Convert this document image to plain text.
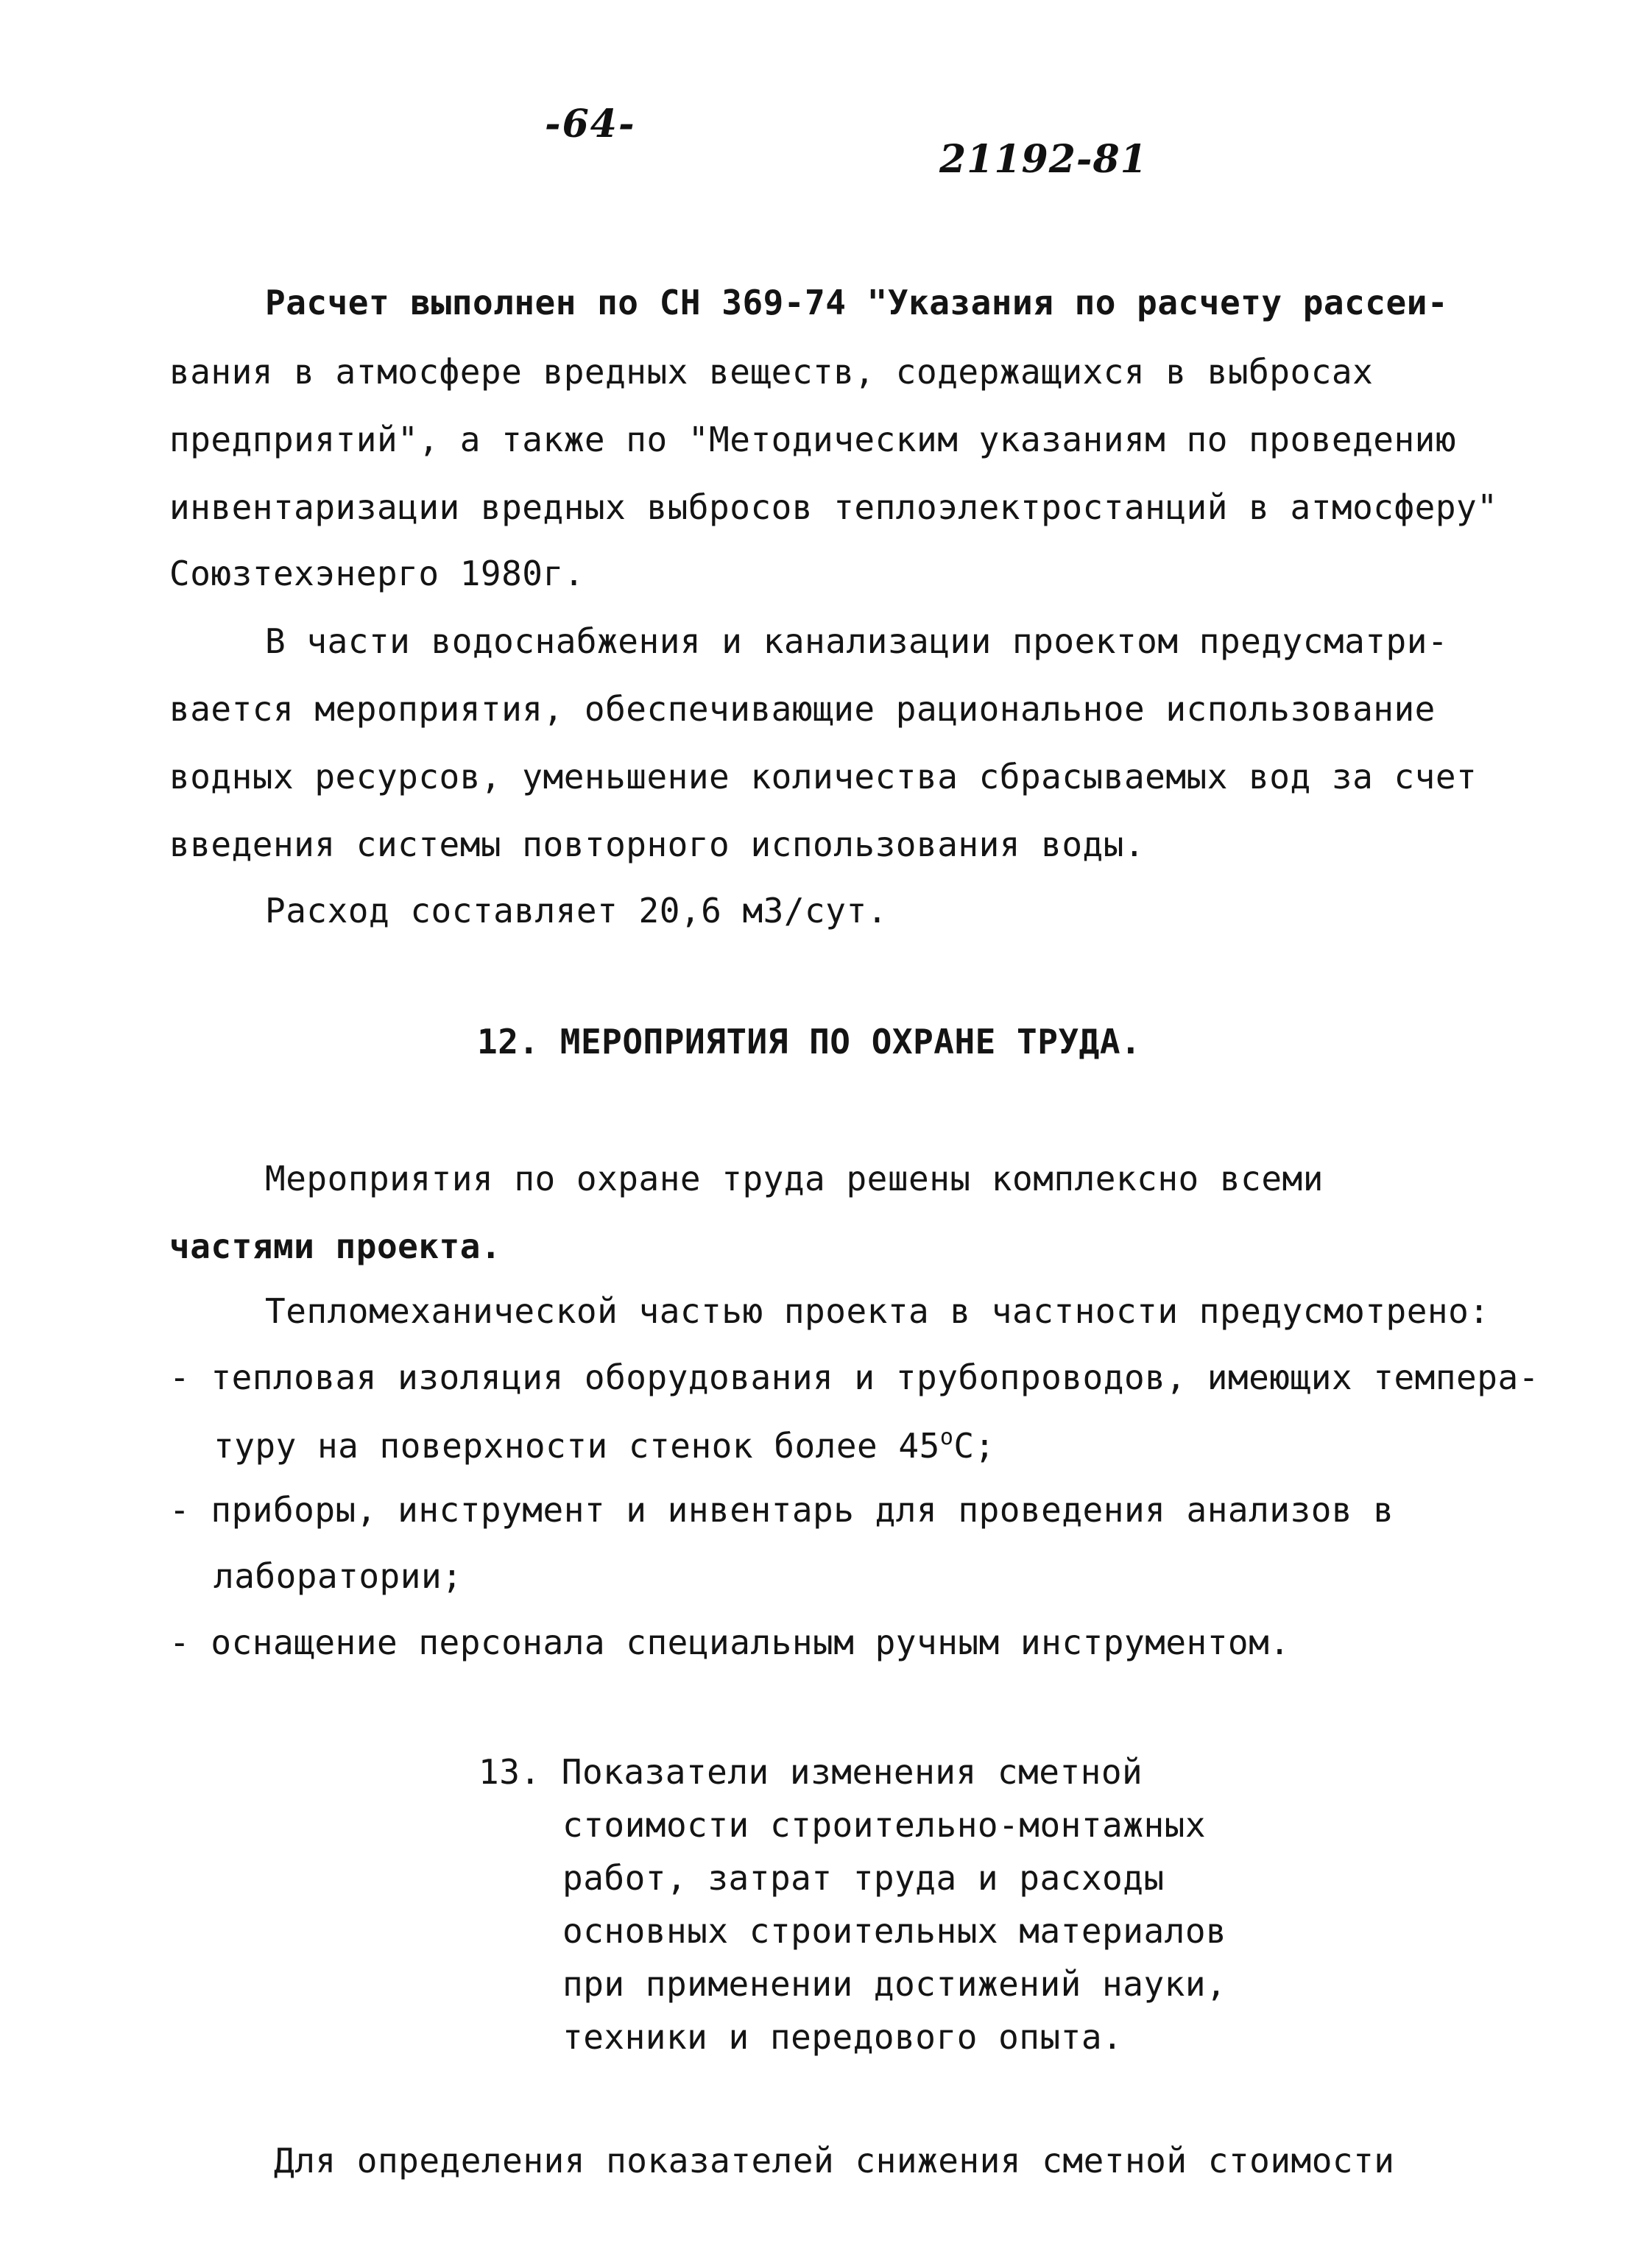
-64-
21192-81
Расчет выполнен по СН 369-74 "Указания по расчету рассеи-
вания в атмосфере вредных веществ, содержащихся в выбросах
предприятий", а также по "Методическим указаниям по проведению
инвентаризации вредных выбросов теплоэлектростанций в атмосферу"
Союзтехэнерго 1980г.
В части водоснабжения и канализации проектом предусматри-
вается мероприятия, обеспечивающие рациональное использование
водных ресурсов, уменьшение количества сбрасываемых вод за счет
введения системы повторного использования воды.
Расход составляет 20,6 м3/сут.
12. МЕРОПРИЯТИЯ ПО ОХРАНЕ ТРУДА.
Мероприятия по охране труда решены комплексно всеми
частями проекта.
Тепломеханической частью проекта в частности предусмотрено:
- тепловая изоляция оборудования и трубопроводов, имеющих темпера-
туру на поверхности стенок более $45^оС$;
- приборы, инструмент и инвентарь для проведения анализов в
лаборатории;
- оснащение персонала специальным ручным инструментом.
13. Показатели изменения сметной
стоимости строительно-монтажных
работ, затрат труда и расходы
основных строительных материалов
при применении достижений науки,
техники и передового опыта.
Для определения показателей снижения сметной стоимости
